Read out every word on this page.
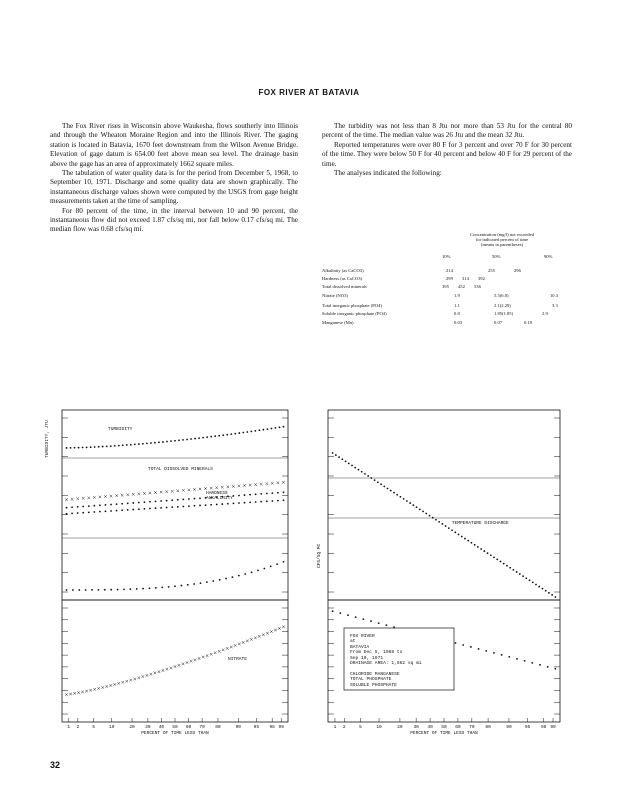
FOX RIVER AT BATAVIA

The Fox River rises in Wisconsin above Waukesha, flows southerly into Illinois and through the Wheaton Moraine Region and into the Illinois River. The gaging station is located in Batavia, 1670 feet downstream from the Wilson Avenue Bridge. Elevation of gage datum is 654.00 feet above mean sea level. The drainage basin above the gage has an area of approximately 1662 square miles.

The tabulation of water quality data is for the period from December 5, 1968, to September 10, 1971. Discharge and some quality data are shown graphically. The instantaneous discharge values shown were computed by the USGS from gage height measurements taken at the time of sampling.

For 80 percent of the time, in the interval between 10 and 90 percent, the instantaneous flow did not exceed 1.87 cfs/sq mi, nor fall below 0.17 cfs/sq mi. The median flow was 0.68 cfs/sq mi.

The turbidity was not less than 8 Jtu nor more than 53 Jtu for the central 80 percent of the time. The median value was 26 Jtu and the mean 32 Jtu.

Reported temperatures were over 80 F for 3 percent and over 70 F for 30 percent of the time. They were below 50 F for 40 percent and below 40 F for 29 percent of the time.

The analyses indicated the following:

Concentration (mg/l) not exceeded
for indicated percent of time
(means in parentheses)
10%	50%	90%
Alkalinity (as CaCO3)	214	255	296
Hardness (as CaCO3)	299 314 392
Total dissolved minerals	395 452 536
Nitrate (NO3)	1.9	5.5(6.0)	10.3
Total inorganic phosphate (PO4)	1.1	2.1(2.29)	3.3
Soluble inorganic phosphate (PO4)	0.8	1.85(1.85)	2.9
Manganese (Mn)	0.03	0.07	0.19
1 2	5	10	20 30 40 50 60 70 80	90	95 98 99
PERCENT OF TIME LESS THAN
1 2	5	10	20 30 40 50 60 70 80	90	95 98 99
PERCENT OF TIME LESS THAN
TURBIDITY
TOTAL DISSOLVED MINERALS
HARDNESS
ALKALINITY
TEMPERATURE DISCHARGE
NITRATE
TURBIDITY, JTU
CFS/SQ MI
FOX RIVER
at
BATAVIA
From Dec 5, 1968 to
Sep 10, 1971
DRAINAGE AREA: 1,662 sq mi

CHLORIDE MANGANESE
TOTAL PHOSPHATE
SOLUBLE PHOSPHATE
32
